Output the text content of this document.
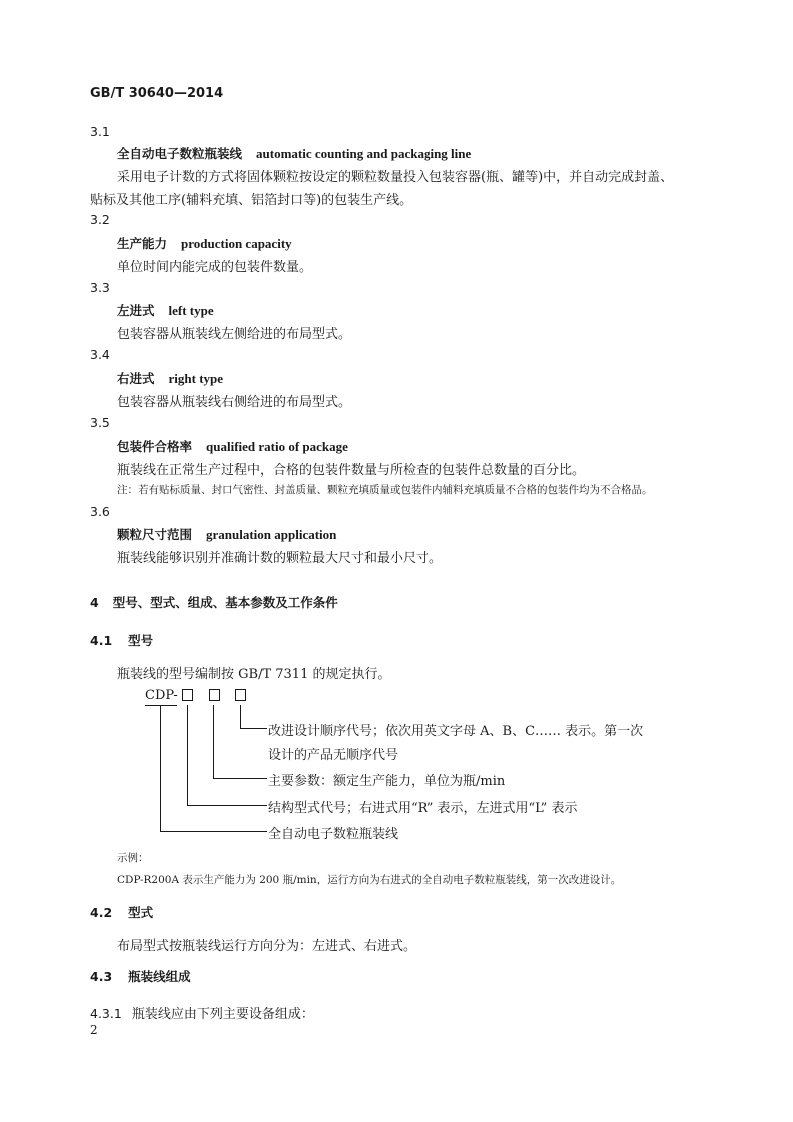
GB/T 30640—2014
3.1
全自动电子数粒瓶装线 automatic counting and packaging line
采用电子计数的方式将固体颗粒按设定的颗粒数量投入包装容器(瓶、罐等)中，并自动完成封盖、
贴标及其他工序(辅料充填、铝箔封口等)的包装生产线。
3.2
生产能力 production capacity
单位时间内能完成的包装件数量。
3.3
左进式 left type
包装容器从瓶装线左侧给进的布局型式。
3.4
右进式 right type
包装容器从瓶装线右侧给进的布局型式。
3.5
包装件合格率 qualified ratio of package
瓶装线在正常生产过程中，合格的包装件数量与所检查的包装件总数量的百分比。
注：若有贴标质量、封口气密性、封盖质量、颗粒充填质量或包装件内辅料充填质量不合格的包装件均为不合格品。
3.6
颗粒尺寸范围 granulation application
瓶装线能够识别并准确计数的颗粒最大尺寸和最小尺寸。
4 型号、型式、组成、基本参数及工作条件
4.1 型号
瓶装线的型号编制按 GB/T 7311 的规定执行。
CDP-
改进设计顺序代号；依次用英文字母 A、B、C…… 表示。第一次
设计的产品无顺序代号
主要参数：额定生产能力，单位为瓶/min
结构型式代号；右进式用“R” 表示，左进式用“L” 表示
全自动电子数粒瓶装线
示例：
CDP-R200A 表示生产能力为 200 瓶/min，运行方向为右进式的全自动电子数粒瓶装线，第一次改进设计。
4.2 型式
布局型式按瓶装线运行方向分为：左进式、右进式。
4.3 瓶装线组成
4.3.1 瓶装线应由下列主要设备组成：
2
